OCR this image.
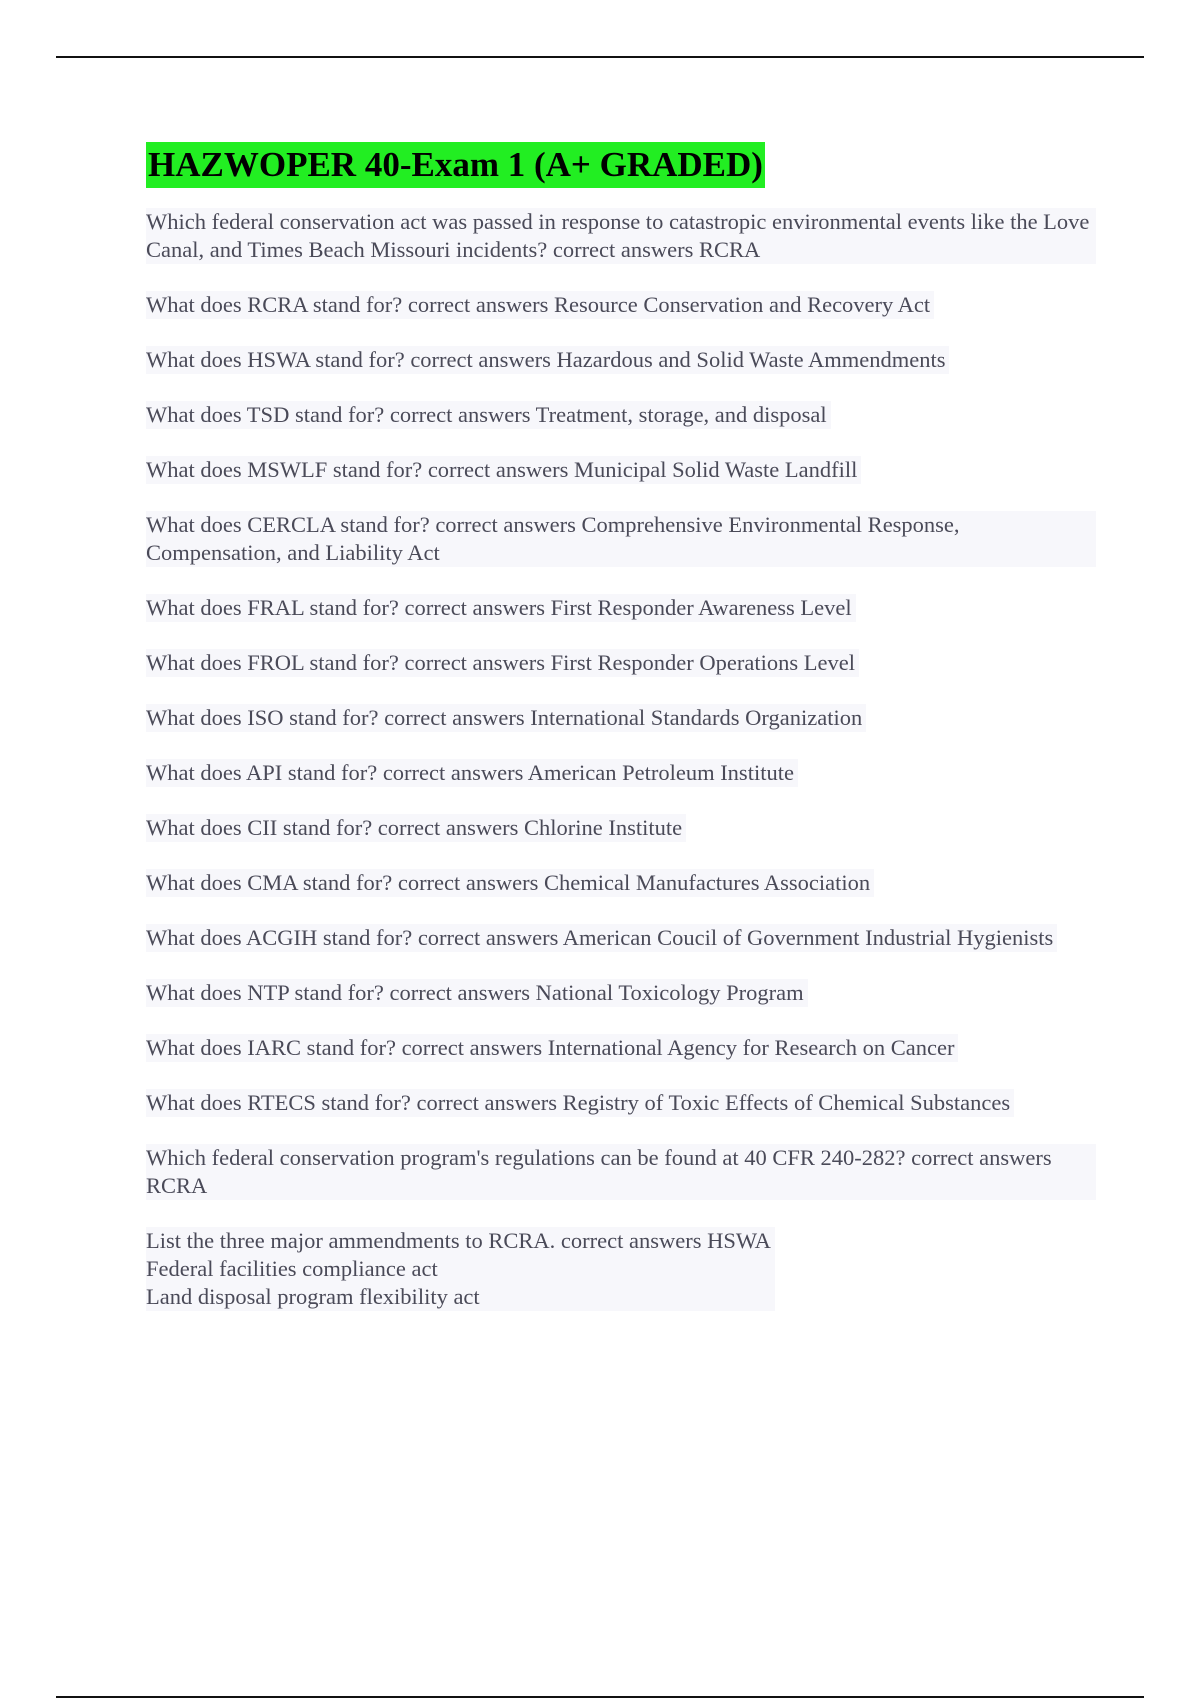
HAZWOPER 40-Exam 1 (A+ GRADED)

Which federal conservation act was passed in response to catastropic environmental events like the Love Canal, and Times Beach Missouri incidents? correct answers RCRA

What does RCRA stand for? correct answers Resource Conservation and Recovery Act

What does HSWA stand for? correct answers Hazardous and Solid Waste Ammendments

What does TSD stand for? correct answers Treatment, storage, and disposal

What does MSWLF stand for? correct answers Municipal Solid Waste Landfill

What does CERCLA stand for? correct answers Comprehensive Environmental Response, Compensation, and Liability Act

What does FRAL stand for? correct answers First Responder Awareness Level

What does FROL stand for? correct answers First Responder Operations Level

What does ISO stand for? correct answers International Standards Organization

What does API stand for? correct answers American Petroleum Institute

What does CII stand for? correct answers Chlorine Institute

What does CMA stand for? correct answers Chemical Manufactures Association

What does ACGIH stand for? correct answers American Coucil of Government Industrial Hygienists

What does NTP stand for? correct answers National Toxicology Program

What does IARC stand for? correct answers International Agency for Research on Cancer

What does RTECS stand for? correct answers Registry of Toxic Effects of Chemical Substances

Which federal conservation program's regulations can be found at 40 CFR 240-282? correct answers RCRA

List the three major ammendments to RCRA. correct answers HSWA
Federal facilities compliance act
Land disposal program flexibility act
